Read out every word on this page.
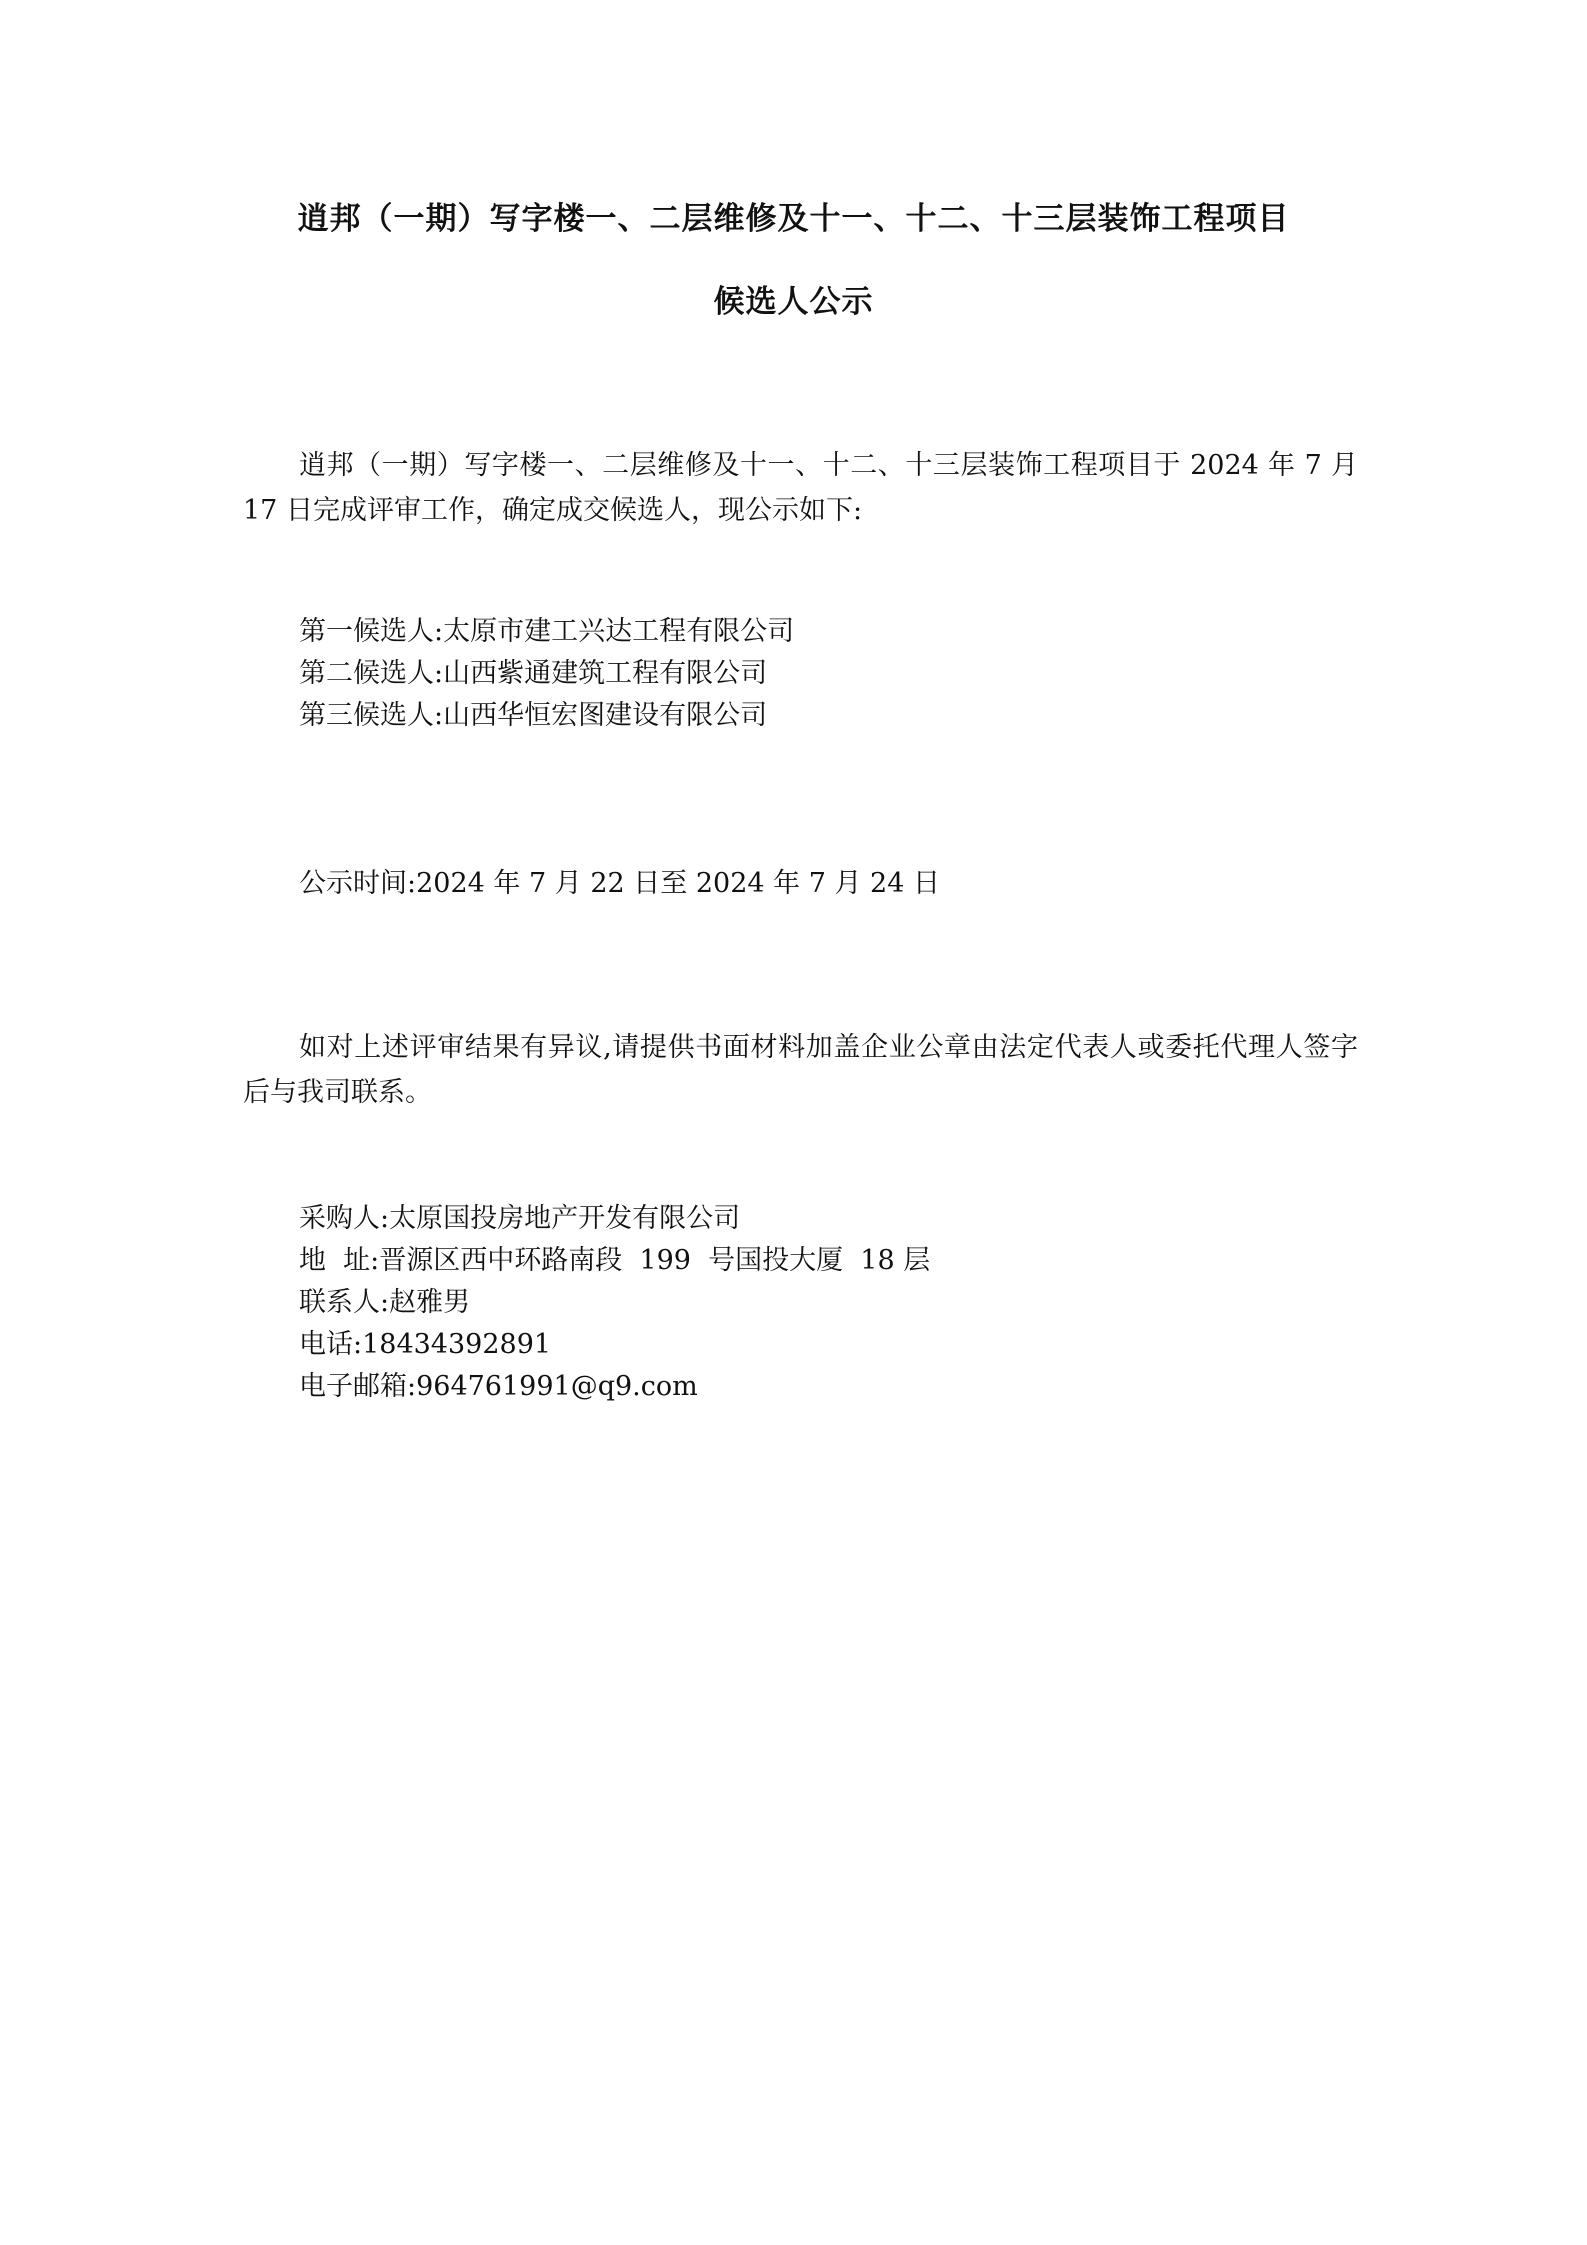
逍邦（一期）写字楼一、二层维修及十一、十二、十三层装饰工程项目
候选人公示
逍邦（一期）写字楼一、二层维修及十一、十二、十三层装饰工程项目于 2024 年 7 月 17 日完成评审工作，确定成交候选人，现公示如下:
第一候选人:太原市建工兴达工程有限公司
第二候选人:山西紫通建筑工程有限公司
第三候选人:山西华恒宏图建设有限公司
公示时间:2024 年 7 月 22 日至 2024 年 7 月 24 日
如对上述评审结果有异议,请提供书面材料加盖企业公章由法定代表人或委托代理人签字后与我司联系。
采购人:太原国投房地产开发有限公司
地  址:晋源区西中环路南段  199  号国投大厦  18 层
联系人:赵雅男
电话:18434392891
电子邮箱:964761991@q9.com
